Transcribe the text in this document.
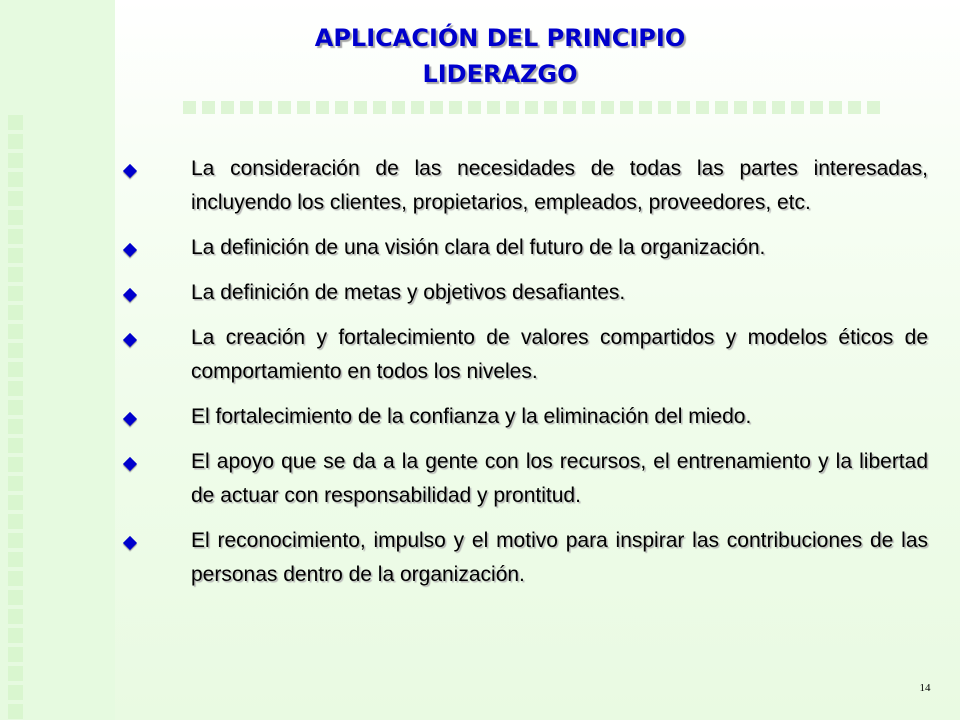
APLICACIÓN DEL PRINCIPIO
LIDERAZGO
La consideración de las necesidades de todas las partes interesadas, incluyendo los clientes, propietarios, empleados, proveedores, etc.
La definición de una visión clara del futuro de la organización.
La definición de metas y objetivos desafiantes.
La creación y fortalecimiento de valores compartidos y modelos éticos de comportamiento en todos los niveles.
El fortalecimiento de la confianza y la eliminación del miedo.
El apoyo que se da a la gente con los recursos, el entrenamiento y la libertad de actuar con responsabilidad y prontitud.
El reconocimiento, impulso y el motivo para inspirar las contribuciones de las personas dentro de la organización.
14
